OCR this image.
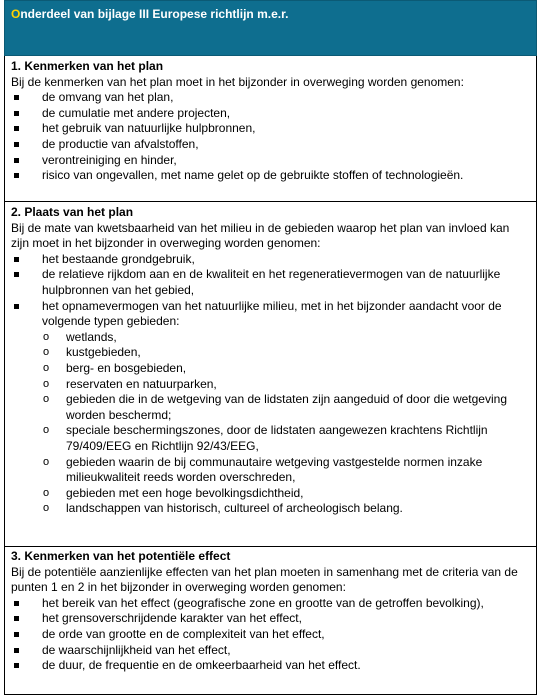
Onderdeel van bijlage III Europese richtlijn m.e.r.
1. Kenmerken van het plan
Bij de kenmerken van het plan moet in het bijzonder in overweging worden genomen:
de omvang van het plan,
de cumulatie met andere projecten,
het gebruik van natuurlijke hulpbronnen,
de productie van afvalstoffen,
verontreiniging en hinder,
risico van ongevallen, met name gelet op de gebruikte stoffen of technologieën.
2. Plaats van het plan
Bij de mate van kwetsbaarheid van het milieu in de gebieden waarop het plan van invloed kan zijn moet in het bijzonder in overweging worden genomen:
het bestaande grondgebruik,
de relatieve rijkdom aan en de kwaliteit en het regeneratievermogen van de natuurlijke hulpbronnen van het gebied,
het opnamevermogen van het natuurlijke milieu, met in het bijzonder aandacht voor de volgende typen gebieden:
o wetlands,
o kustgebieden,
o berg- en bosgebieden,
o reservaten en natuurparken,
o gebieden die in de wetgeving van de lidstaten zijn aangeduid of door die wetgeving worden beschermd;
o speciale beschermingszones, door de lidstaten aangewezen krachtens Richtlijn 79/409/EEG en Richtlijn 92/43/EEG,
o gebieden waarin de bij communautaire wetgeving vastgestelde normen inzake milieukwaliteit reeds worden overschreden,
o gebieden met een hoge bevolkingsdichtheid,
o landschappen van historisch, cultureel of archeologisch belang.
3. Kenmerken van het potentiële effect
Bij de potentiële aanzienlijke effecten van het plan moeten in samenhang met de criteria van de punten 1 en 2 in het bijzonder in overweging worden genomen:
het bereik van het effect (geografische zone en grootte van de getroffen bevolking),
het grensoverschrijdende karakter van het effect,
de orde van grootte en de complexiteit van het effect,
de waarschijnlijkheid van het effect,
de duur, de frequentie en de omkeerbaarheid van het effect.
